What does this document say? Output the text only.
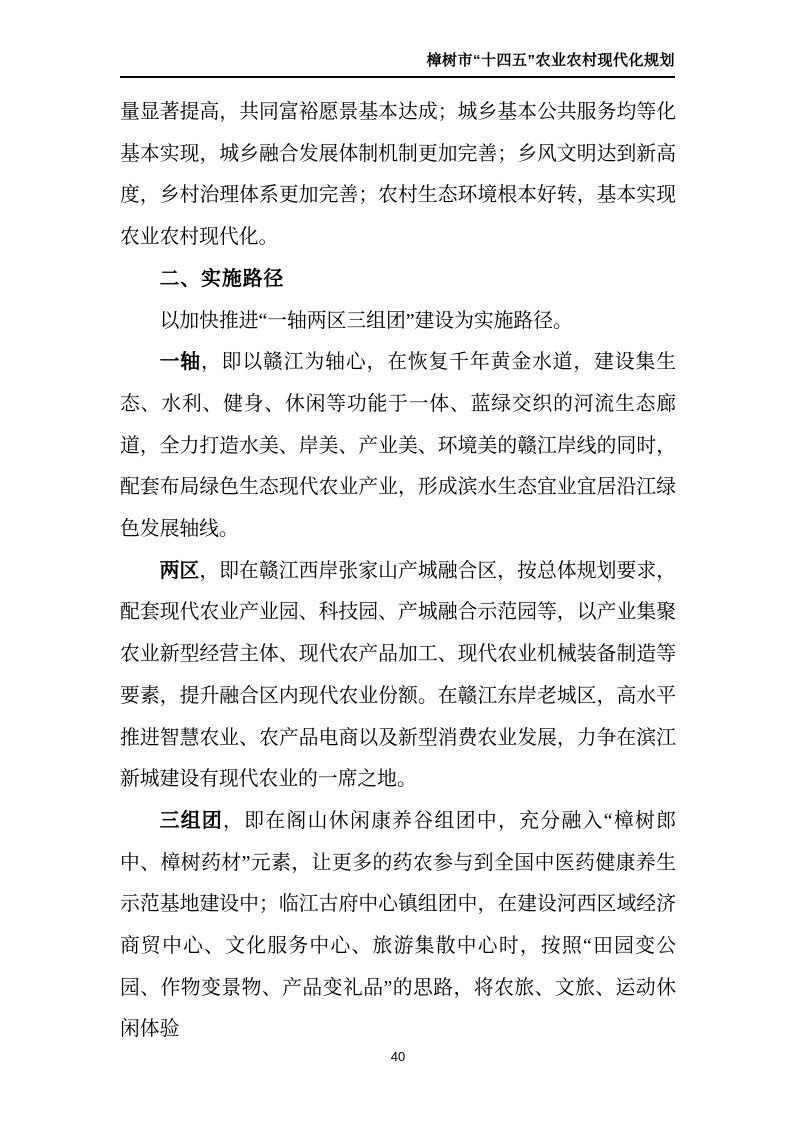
樟树市“十四五”农业农村现代化规划

量显著提高，共同富裕愿景基本达成；城乡基本公共服务均等化基本实现，城乡融合发展体制机制更加完善；乡风文明达到新高度，乡村治理体系更加完善；农村生态环境根本好转，基本实现农业农村现代化。

二、实施路径

以加快推进“一轴两区三组团”建设为实施路径。

一轴，即以赣江为轴心，在恢复千年黄金水道，建设集生态、水利、健身、休闲等功能于一体、蓝绿交织的河流生态廊道，全力打造水美、岸美、产业美、环境美的赣江岸线的同时，配套布局绿色生态现代农业产业，形成滨水生态宜业宜居沿江绿色发展轴线。

两区，即在赣江西岸张家山产城融合区，按总体规划要求，配套现代农业产业园、科技园、产城融合示范园等，以产业集聚农业新型经营主体、现代农产品加工、现代农业机械装备制造等要素，提升融合区内现代农业份额。在赣江东岸老城区，高水平推进智慧农业、农产品电商以及新型消费农业发展，力争在滨江新城建设有现代农业的一席之地。

三组团，即在阁山休闲康养谷组团中，充分融入“樟树郎中、樟树药材”元素，让更多的药农参与到全国中医药健康养生示范基地建设中；临江古府中心镇组团中，在建设河西区域经济商贸中心、文化服务中心、旅游集散中心时，按照“田园变公园、作物变景物、产品变礼品”的思路，将农旅、文旅、运动休闲体验

40
